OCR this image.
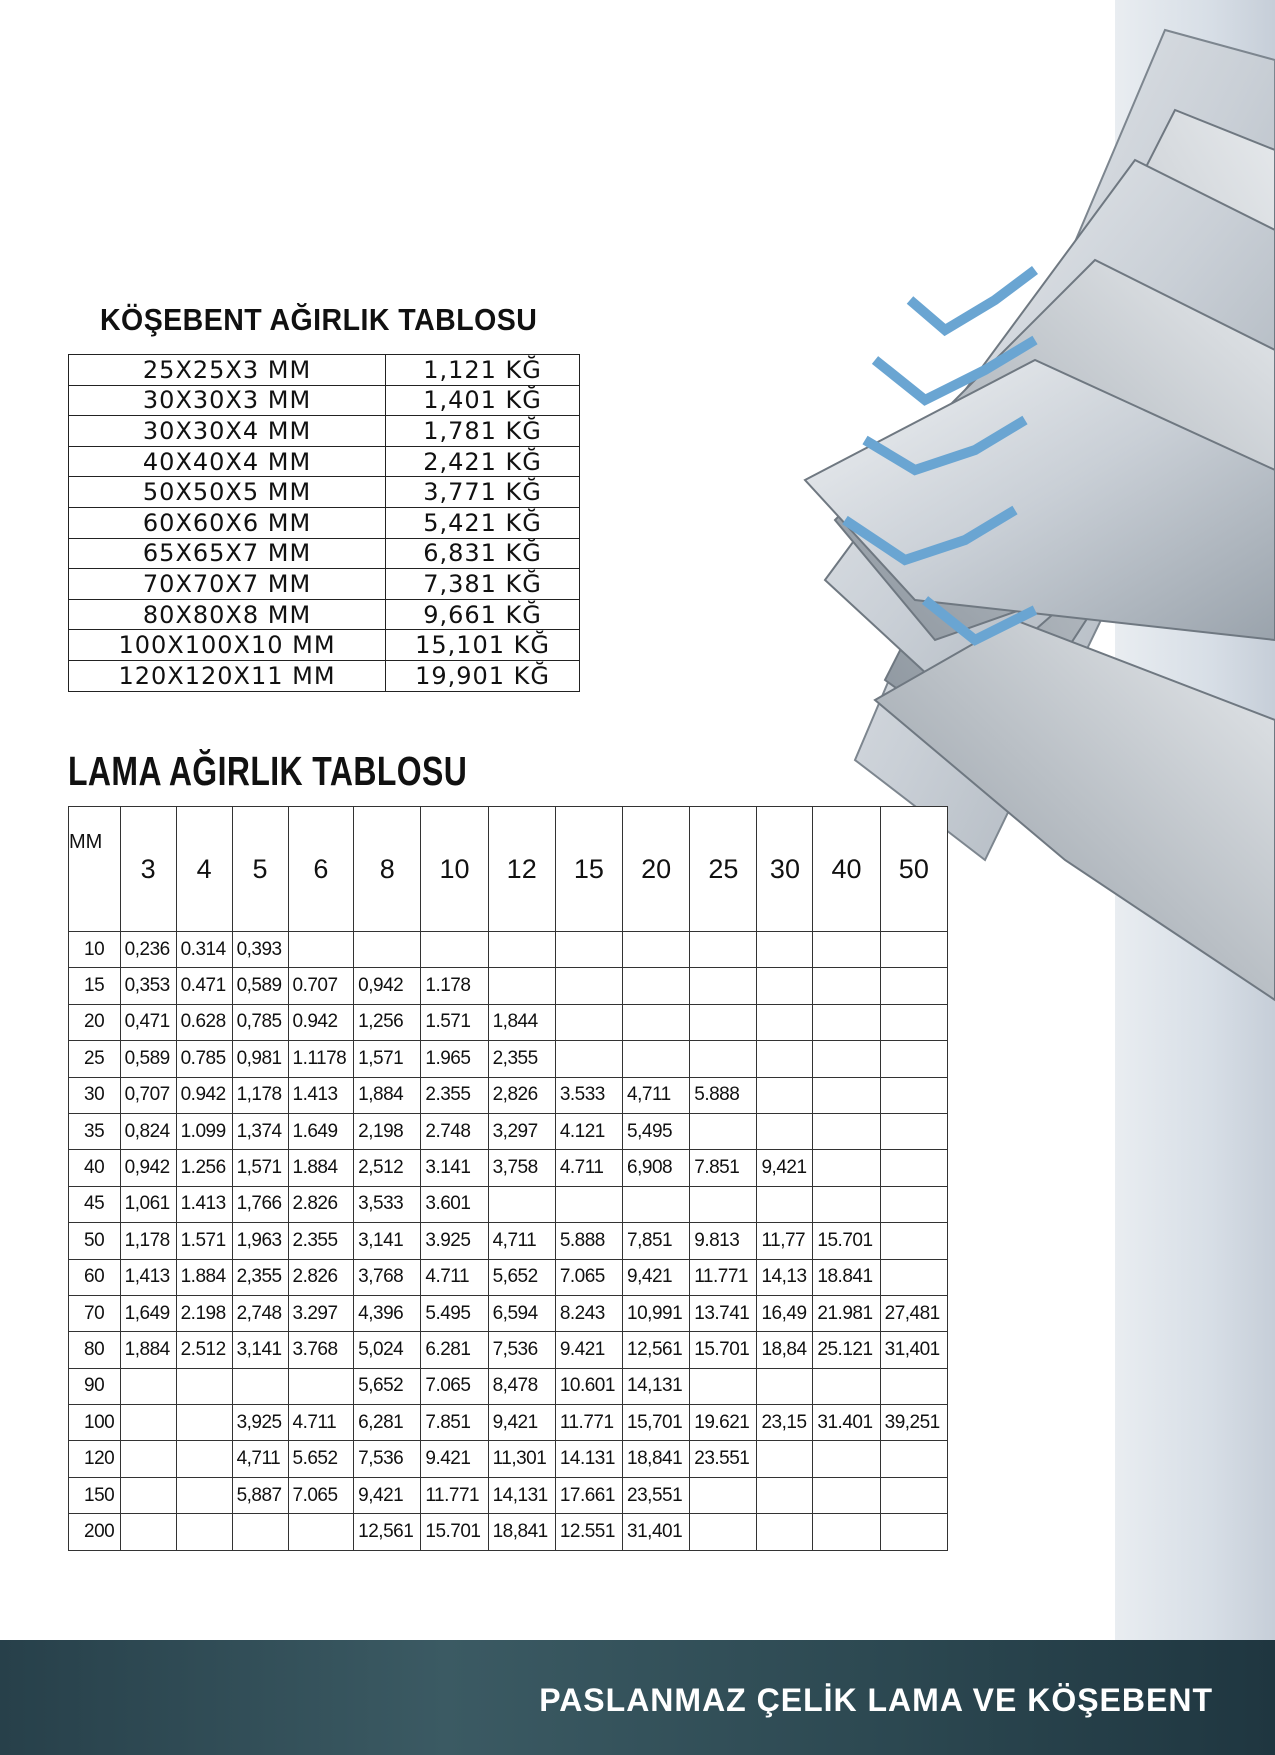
KÖŞEBENT AĞIRLIK TABLOSU
25X25X3 MM	1,121 KĞ
30X30X3 MM	1,401 KĞ
30X30X4 MM	1,781 KĞ
40X40X4 MM	2,421 KĞ
50X50X5 MM	3,771 KĞ
60X60X6 MM	5,421 KĞ
65X65X7 MM	6,831 KĞ
70X70X7 MM	7,381 KĞ
80X80X8 MM	9,661 KĞ
100X100X10 MM	15,101 KĞ
120X120X11 MM	19,901 KĞ
LAMA AĞIRLIK TABLOSU
MM	3	4	5	6	8	10	12	15	20	25	30	40	50
10	0,236	0.314	0,393										
15	0,353	0.471	0,589	0.707	0,942	1.178							
20	0,471	0.628	0,785	0.942	1,256	1.571	1,844						
25	0,589	0.785	0,981	1.1178	1,571	1.965	2,355						
30	0,707	0.942	1,178	1.413	1,884	2.355	2,826	3.533	4,711	5.888			
35	0,824	1.099	1,374	1.649	2,198	2.748	3,297	4.121	5,495				
40	0,942	1.256	1,571	1.884	2,512	3.141	3,758	4.711	6,908	7.851	9,421		
45	1,061	1.413	1,766	2.826	3,533	3.601							
50	1,178	1.571	1,963	2.355	3,141	3.925	4,711	5.888	7,851	9.813	11,77	15.701	
60	1,413	1.884	2,355	2.826	3,768	4.711	5,652	7.065	9,421	11.771	14,13	18.841	
70	1,649	2.198	2,748	3.297	4,396	5.495	6,594	8.243	10,991	13.741	16,49	21.981	27,481
80	1,884	2.512	3,141	3.768	5,024	6.281	7,536	9.421	12,561	15.701	18,84	25.121	31,401
90					5,652	7.065	8,478	10.601	14,131				
100			3,925	4.711	6,281	7.851	9,421	11.771	15,701	19.621	23,15	31.401	39,251
120			4,711	5.652	7,536	9.421	11,301	14.131	18,841	23.551			
150			5,887	7.065	9,421	11.771	14,131	17.661	23,551				
200					12,561	15.701	18,841	12.551	31,401				
PASLANMAZ ÇELİK LAMA VE KÖŞEBENT
